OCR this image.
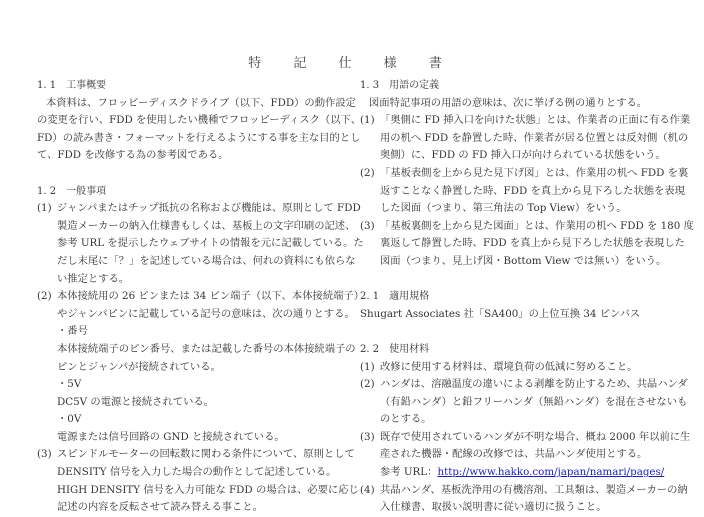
特 記 仕 様 書
1. 1　工事概要
本資料は、フロッピーディスクドライブ（以下、FDD）の動作設定
の変更を行い、FDD を使用したい機種でフロッピーディスク（以下、
FD）の読み書き・フォーマットを行えるようにする事を主な目的とし
て、FDD を改修する為の参考図である。
1. 2　一般事項
(1) ジャンパまたはチップ抵抗の名称および機能は、原則として FDD
製造メーカーの納入仕様書もしくは、基板上の文字印刷の記述、
参考 URL を提示したウェブサイトの情報を元に記載している。た
だし末尾に「？」を記述している場合は、何れの資料にも依らな
い推定とする。
(2) 本体接続用の 26 ピンまたは 34 ピン端子（以下、本体接続端子）
やジャンパピンに記載している記号の意味は、次の通りとする。
・番号
本体接続端子のピン番号、または記載した番号の本体接続端子の
ピンとジャンパが接続されている。
・5V
DC5V の電源と接続されている。
・0V
電源または信号回路の GND と接続されている。
(3) スピンドルモーターの回転数に関わる条件について、原則として
DENSITY 信号を入力した場合の動作として記述している。
HIGH DENSITY 信号を入力可能な FDD の場合は、必要に応じ
記述の内容を反転させて読み替える事こと。
1. 3　用語の定義
図面特記事項の用語の意味は、次に挙げる例の通りとする。
(1) 「奥側に FD 挿入口を向けた状態」とは、作業者の正面に有る作業
用の机へ FDD を静置した時、作業者が居る位置とは反対側（机の
奥側）に、FDD の FD 挿入口が向けられている状態をいう。
(2) 「基板表側を上から見た見下げ図」とは、作業用の机へ FDD を裏
返すことなく静置した時、FDD を真上から見下ろした状態を表現
した図面（つまり、第三角法の Top View）をいう。
(3) 「基板裏側を上から見た図面」とは、作業用の机へ FDD を 180 度
裏返して静置した時、FDD を真上から見下ろした状態を表現した
図面（つまり、見上げ図・Bottom View では無い）をいう。
2. 1　適用規格
Shugart Associates 社「SA400」の上位互換 34 ピンバス
2. 2　使用材料
(1) 改修に使用する材料は、環境負荷の低減に努めること。
(2) ハンダは、溶融温度の違いによる剥離を防止するため、共晶ハンダ
（有鉛ハンダ）と鉛フリーハンダ（無鉛ハンダ）を混在させないも
のとする。
(3) 既存で使用されているハンダが不明な場合、概ね 2000 年以前に生
産された機器・配線の改修では、共晶ハンダ使用とする。
参考 URL：http://www.hakko.com/japan/namari/pages/
(4) 共晶ハンダ、基板洗浄用の有機溶剤、工具類は、製造メーカーの納
入仕様書、取扱い説明書に従い適切に扱うこと。
